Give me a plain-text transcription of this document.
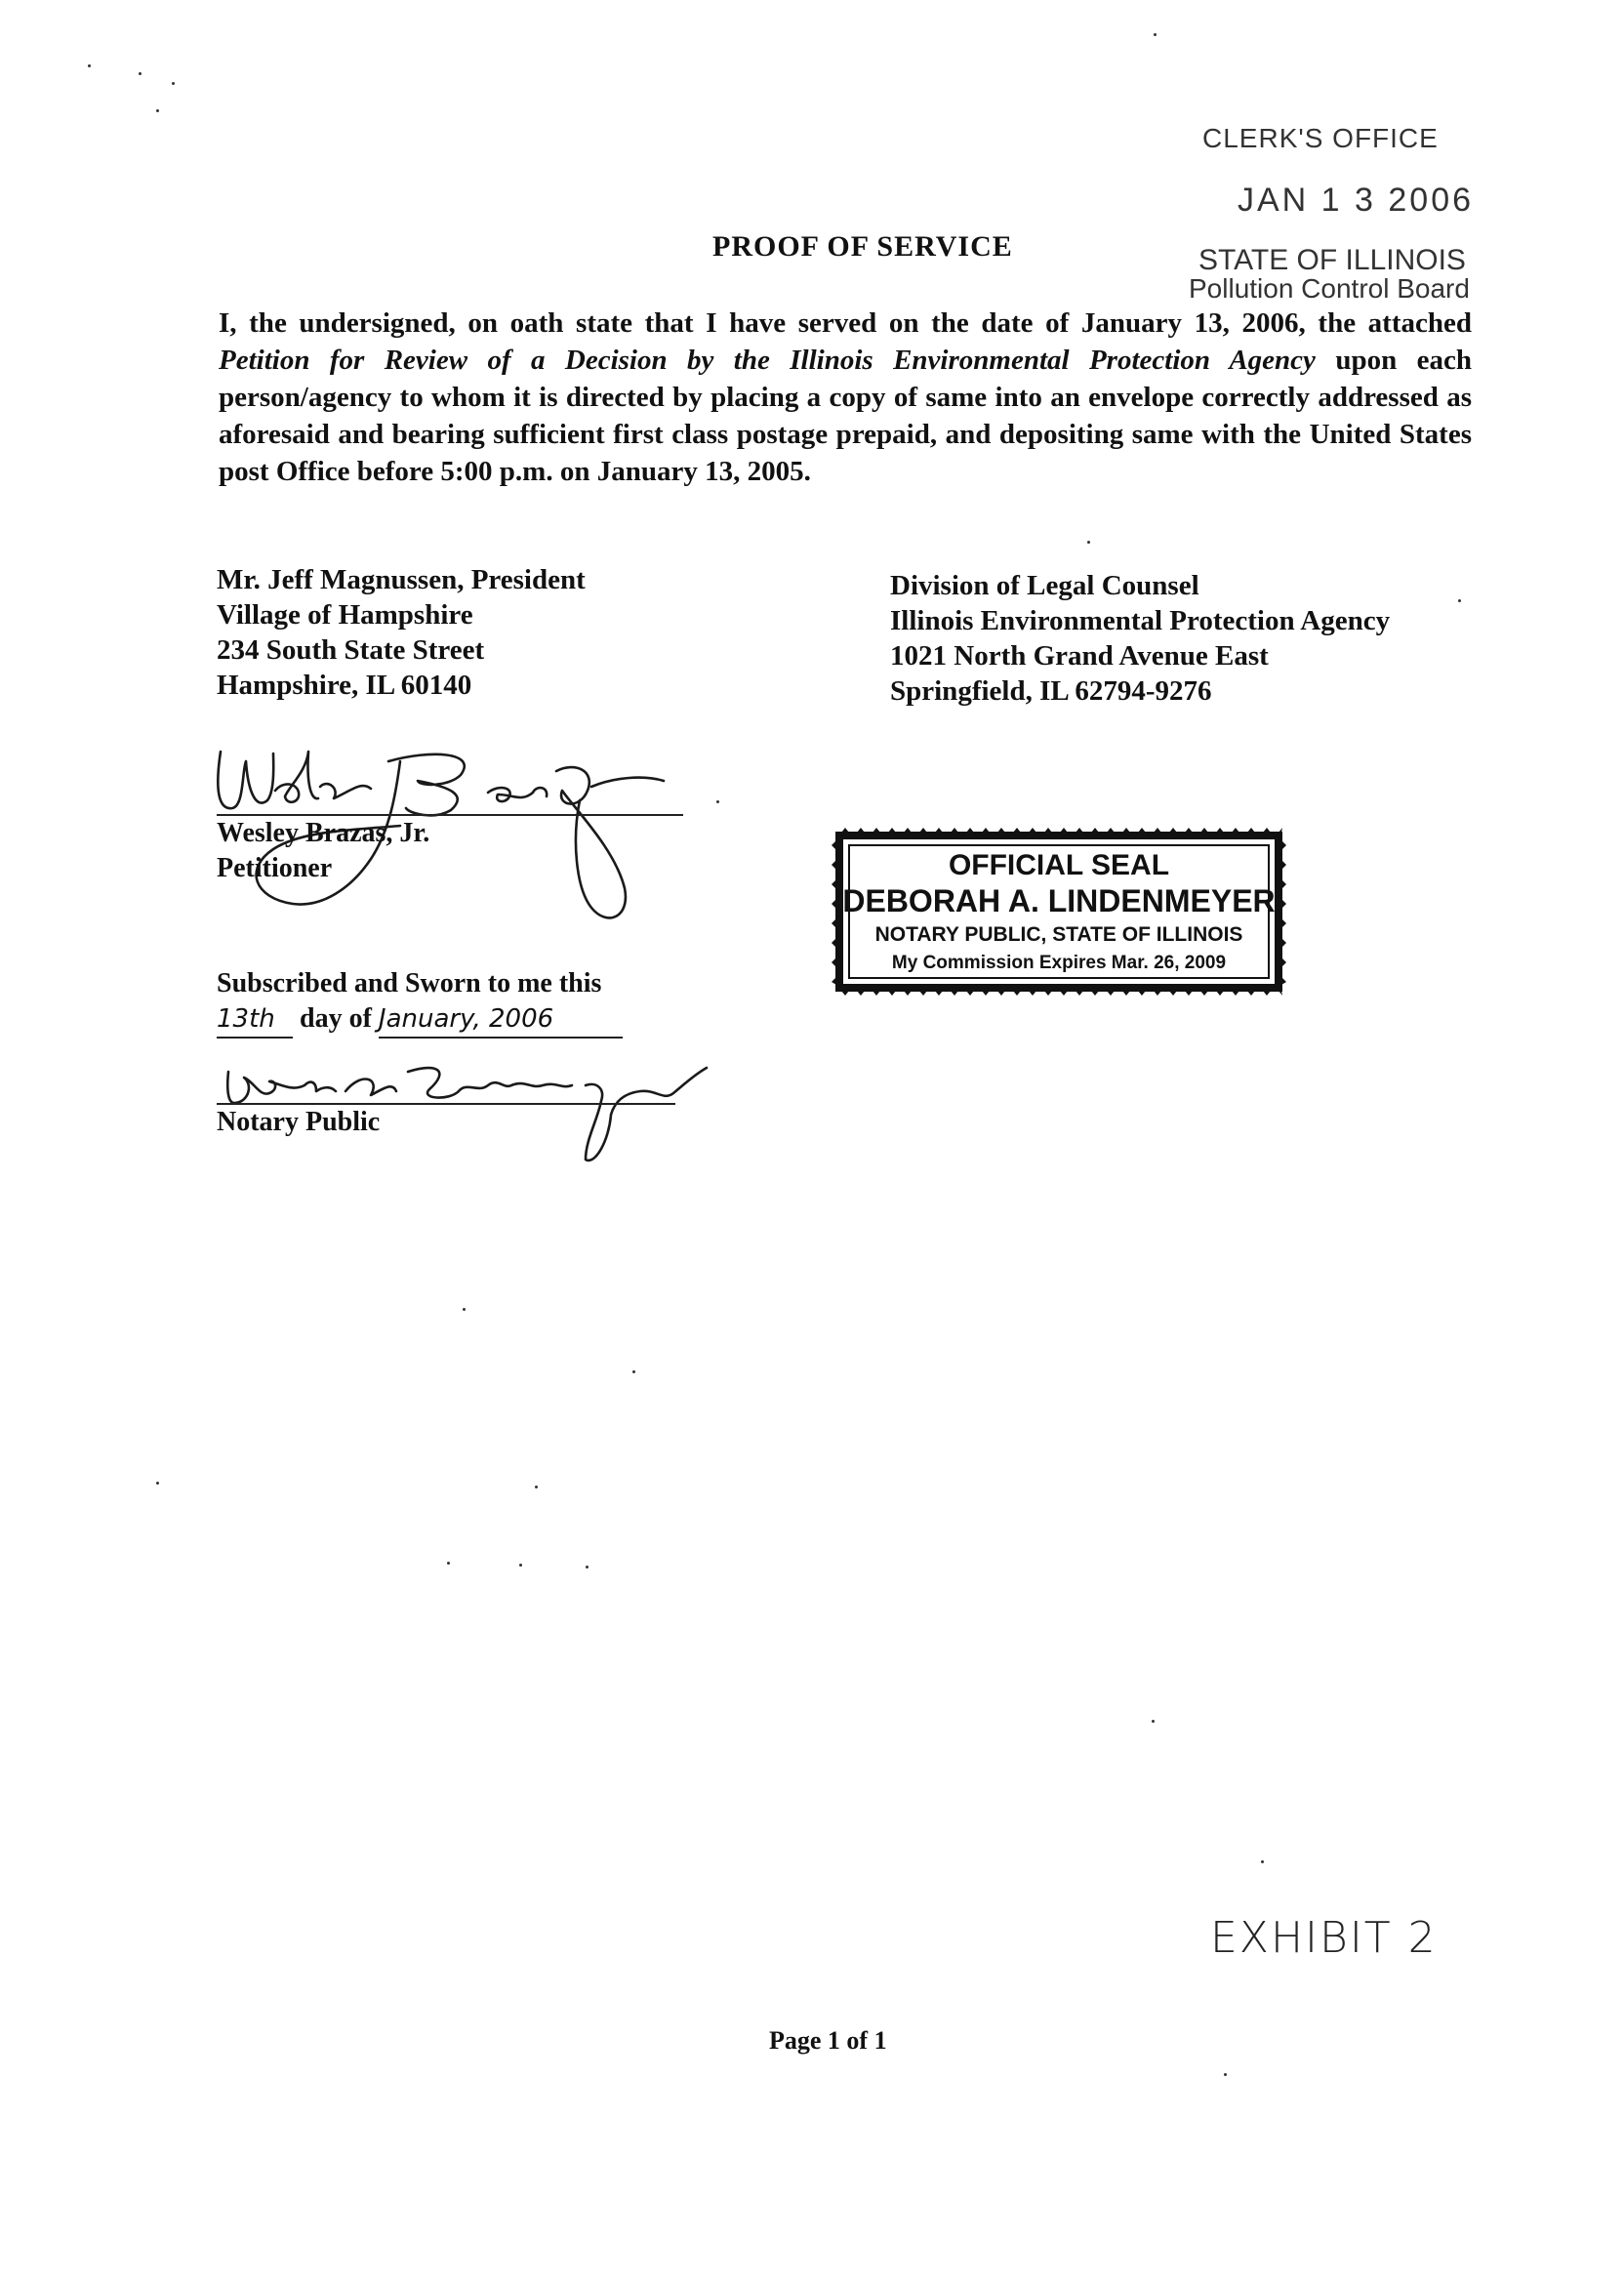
CLERK'S OFFICE
JAN 1 3 2006
STATE OF ILLINOIS
Pollution Control Board
PROOF OF SERVICE
I, the undersigned, on oath state that I have served on the date of January 13, 2006, the attached Petition for Review of a Decision by the Illinois Environmental Protection Agency upon each person/agency to whom it is directed by placing a copy of same into an envelope correctly addressed as aforesaid and bearing sufficient first class postage prepaid, and depositing same with the United States post Office before 5:00 p.m. on January 13, 2005.
Mr. Jeff Magnussen, President
Village of Hampshire
234 South State Street
Hampshire, IL 60140
Division of Legal Counsel
Illinois Environmental Protection Agency
1021 North Grand Avenue East
Springfield, IL 62794-9276
Wesley Brazas, Jr.
Petitioner	OFFICIAL SEAL
DEBORAH A. LINDENMEYER
NOTARY PUBLIC, STATE OF ILLINOIS
My Commission Expires Mar. 26, 2009
Subscribed and Sworn to me this
13th day of January, 2006
Notary Public
EXHIBIT 2
Page 1 of 1
